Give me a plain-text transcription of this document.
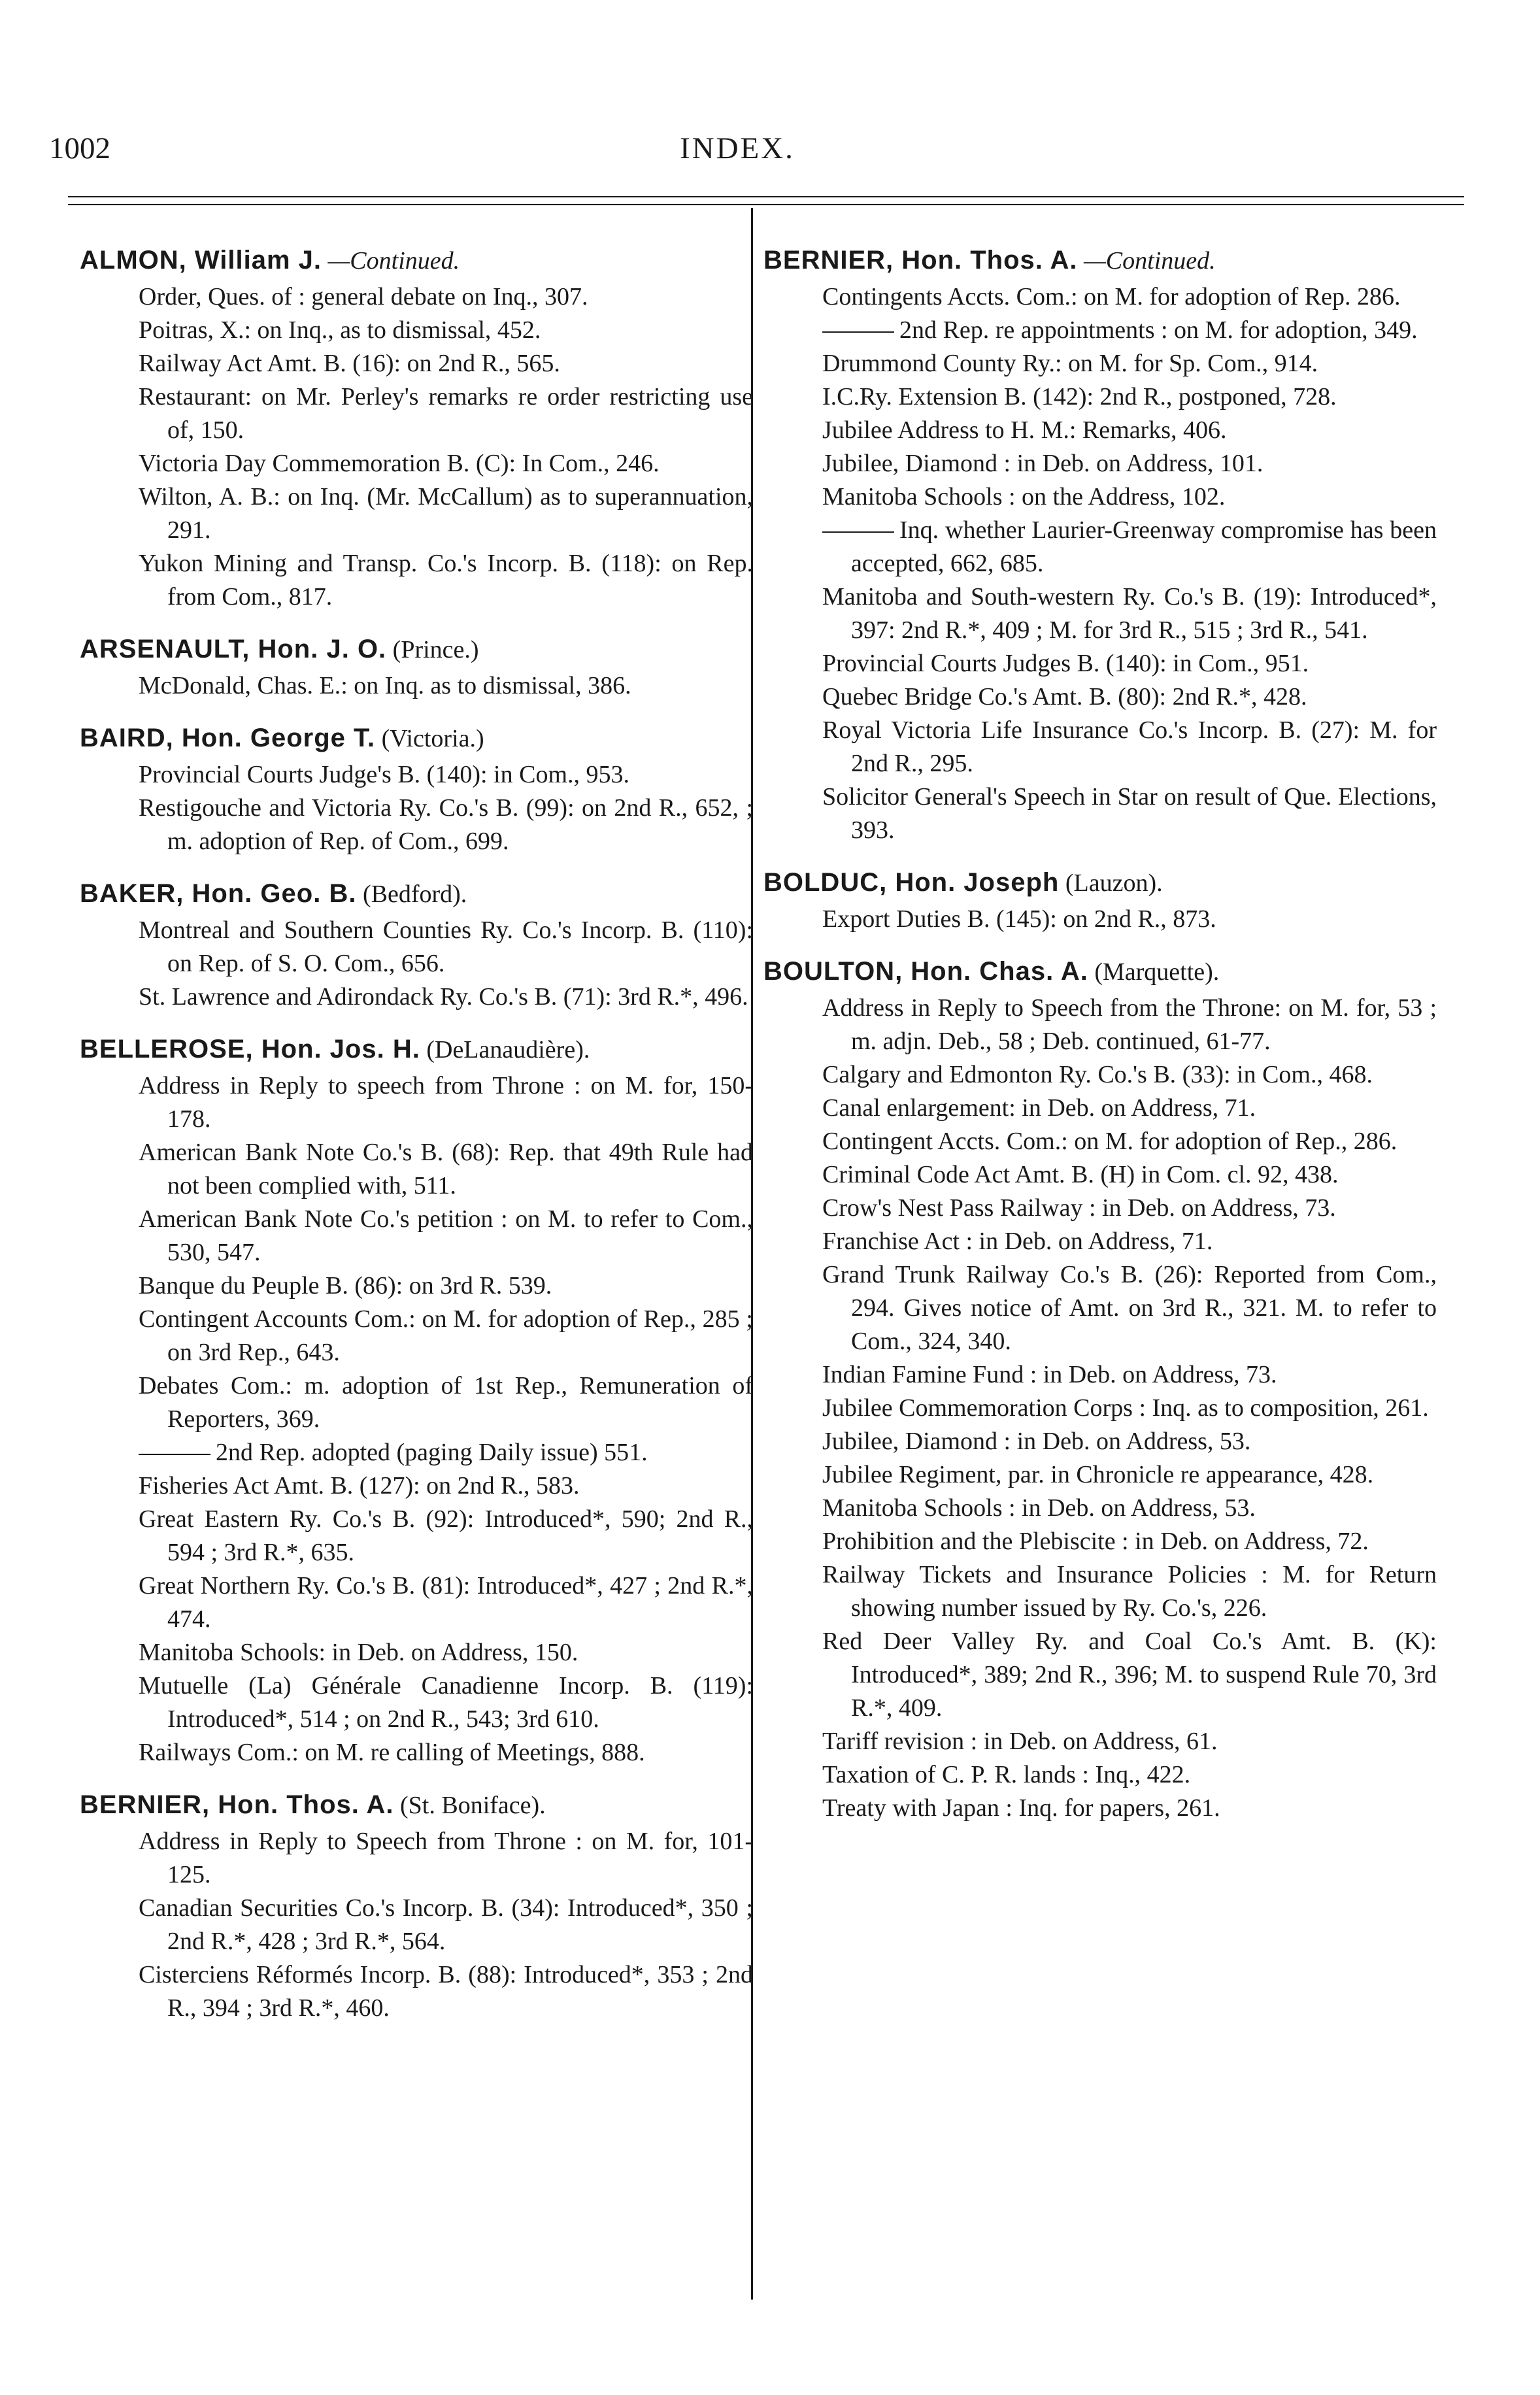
1002	INDEX.
ALMON, William J. —Continued.
Order, Ques. of : general debate on Inq., 307.
Poitras, X.: on Inq., as to dismissal, 452.
Railway Act Amt. B. (16): on 2nd R., 565.
Restaurant: on Mr. Perley's remarks re order restricting use of, 150.
Victoria Day Commemoration B. (C): In Com., 246.
Wilton, A. B.: on Inq. (Mr. McCallum) as to superannuation, 291.
Yukon Mining and Transp. Co.'s Incorp. B. (118): on Rep. from Com., 817.
ARSENAULT, Hon. J. O. (Prince.)
McDonald, Chas. E.: on Inq. as to dismissal, 386.
BAIRD, Hon. George T. (Victoria.)
Provincial Courts Judge's B. (140): in Com., 953.
Restigouche and Victoria Ry. Co.'s B. (99): on 2nd R., 652, ; m. adoption of Rep. of Com., 699.
BAKER, Hon. Geo. B. (Bedford).
Montreal and Southern Counties Ry. Co.'s Incorp. B. (110): on Rep. of S. O. Com., 656.
St. Lawrence and Adirondack Ry. Co.'s B. (71): 3rd R.*, 496.
BELLEROSE, Hon. Jos. H. (DeLanaudière).
Address in Reply to speech from Throne : on M. for, 150-178.
American Bank Note Co.'s B. (68): Rep. that 49th Rule had not been complied with, 511.
American Bank Note Co.'s petition : on M. to refer to Com., 530, 547.
Banque du Peuple B. (86): on 3rd R. 539.
Contingent Accounts Com.: on M. for adoption of Rep., 285 ; on 3rd Rep., 643.
Debates Com.: m. adoption of 1st Rep., Remuneration of Reporters, 369.
2nd Rep. adopted (paging Daily issue) 551.
Fisheries Act Amt. B. (127): on 2nd R., 583.
Great Eastern Ry. Co.'s B. (92): Introduced*, 590; 2nd R., 594 ; 3rd R.*, 635.
Great Northern Ry. Co.'s B. (81): Introduced*, 427 ; 2nd R.*, 474.
Manitoba Schools: in Deb. on Address, 150.
Mutuelle (La) Générale Canadienne Incorp. B. (119): Introduced*, 514 ; on 2nd R., 543; 3rd 610.
Railways Com.: on M. re calling of Meetings, 888.
BERNIER, Hon. Thos. A. (St. Boniface).
Address in Reply to Speech from Throne : on M. for, 101-125.
Canadian Securities Co.'s Incorp. B. (34): Introduced*, 350 ; 2nd R.*, 428 ; 3rd R.*, 564.
Cisterciens Réformés Incorp. B. (88): Introduced*, 353 ; 2nd R., 394 ; 3rd R.*, 460.
BERNIER, Hon. Thos. A. —Continued.
Contingents Accts. Com.: on M. for adoption of Rep. 286.
2nd Rep. re appointments : on M. for adoption, 349.
Drummond County Ry.: on M. for Sp. Com., 914.
I.C.Ry. Extension B. (142): 2nd R., postponed, 728.
Jubilee Address to H. M.: Remarks, 406.
Jubilee, Diamond : in Deb. on Address, 101.
Manitoba Schools : on the Address, 102.
Inq. whether Laurier-Greenway compromise has been accepted, 662, 685.
Manitoba and South-western Ry. Co.'s B. (19): Introduced*, 397: 2nd R.*, 409 ; M. for 3rd R., 515 ; 3rd R., 541.
Provincial Courts Judges B. (140): in Com., 951.
Quebec Bridge Co.'s Amt. B. (80): 2nd R.*, 428.
Royal Victoria Life Insurance Co.'s Incorp. B. (27): M. for 2nd R., 295.
Solicitor General's Speech in Star on result of Que. Elections, 393.
BOLDUC, Hon. Joseph (Lauzon).
Export Duties B. (145): on 2nd R., 873.
BOULTON, Hon. Chas. A. (Marquette).
Address in Reply to Speech from the Throne: on M. for, 53 ; m. adjn. Deb., 58 ; Deb. continued, 61-77.
Calgary and Edmonton Ry. Co.'s B. (33): in Com., 468.
Canal enlargement: in Deb. on Address, 71.
Contingent Accts. Com.: on M. for adoption of Rep., 286.
Criminal Code Act Amt. B. (H) in Com. cl. 92, 438.
Crow's Nest Pass Railway : in Deb. on Address, 73.
Franchise Act : in Deb. on Address, 71.
Grand Trunk Railway Co.'s B. (26): Reported from Com., 294. Gives notice of Amt. on 3rd R., 321. M. to refer to Com., 324, 340.
Indian Famine Fund : in Deb. on Address, 73.
Jubilee Commemoration Corps : Inq. as to composition, 261.
Jubilee, Diamond : in Deb. on Address, 53.
Jubilee Regiment, par. in Chronicle re appearance, 428.
Manitoba Schools : in Deb. on Address, 53.
Prohibition and the Plebiscite : in Deb. on Address, 72.
Railway Tickets and Insurance Policies : M. for Return showing number issued by Ry. Co.'s, 226.
Red Deer Valley Ry. and Coal Co.'s Amt. B. (K): Introduced*, 389; 2nd R., 396; M. to suspend Rule 70, 3rd R.*, 409.
Tariff revision : in Deb. on Address, 61.
Taxation of C. P. R. lands : Inq., 422.
Treaty with Japan : Inq. for papers, 261.
